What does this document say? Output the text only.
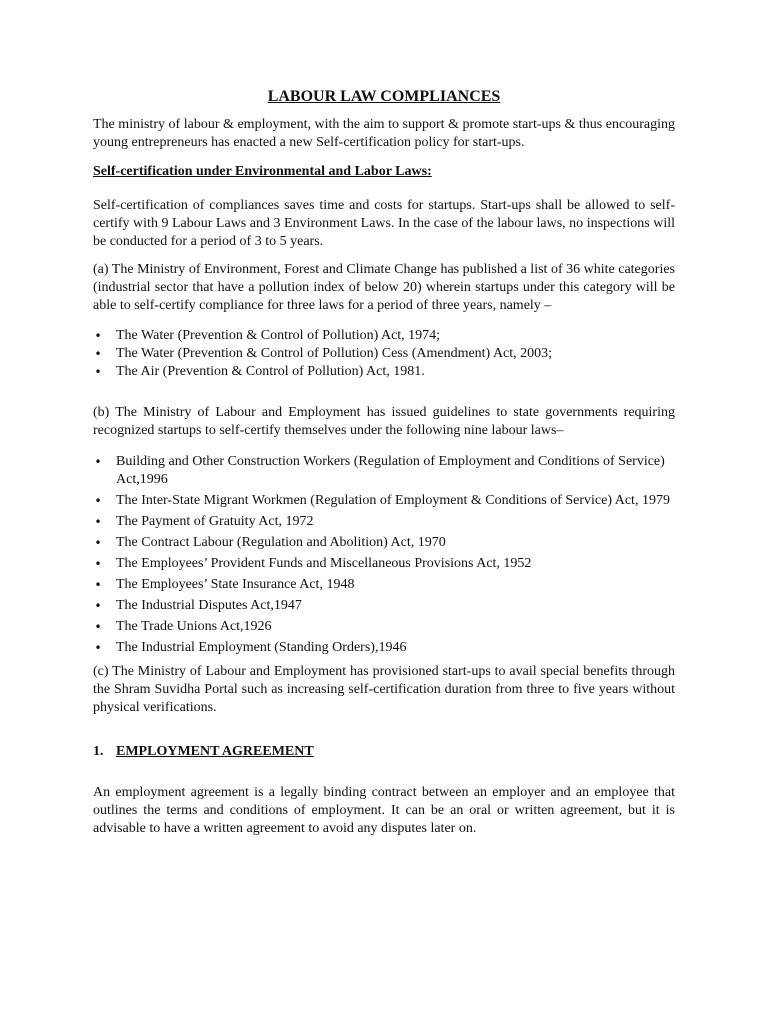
LABOUR LAW COMPLIANCES

The ministry of labour & employment, with the aim to support & promote start-ups & thus encouraging young entrepreneurs has enacted a new Self-certification policy for start-ups.

Self-certification under Environmental and Labor Laws:

Self-certification of compliances saves time and costs for startups. Start-ups shall be allowed to self-certify with 9 Labour Laws and 3 Environment Laws. In the case of the labour laws, no inspections will be conducted for a period of 3 to 5 years.

(a) The Ministry of Environment, Forest and Climate Change has published a list of 36 white categories (industrial sector that have a pollution index of below 20) wherein startups under this category will be able to self-certify compliance for three laws for a period of three years, namely –

•
The Water (Prevention & Control of Pollution) Act, 1974;
•
The Water (Prevention & Control of Pollution) Cess (Amendment) Act, 2003;
•
The Air (Prevention & Control of Pollution) Act, 1981.

(b) The Ministry of Labour and Employment has issued guidelines to state governments requiring recognized startups to self-certify themselves under the following nine labour laws–

•
Building and Other Construction Workers (Regulation of Employment and Conditions of Service) Act,1996
•
The Inter-State Migrant Workmen (Regulation of Employment & Conditions of Service) Act, 1979
•
The Payment of Gratuity Act, 1972
•
The Contract Labour (Regulation and Abolition) Act, 1970
•
The Employees’ Provident Funds and Miscellaneous Provisions Act, 1952
•
The Employees’ State Insurance Act, 1948
•
The Industrial Disputes Act,1947
•
The Trade Unions Act,1926
•
The Industrial Employment (Standing Orders),1946

(c) The Ministry of Labour and Employment has provisioned start-ups to avail special benefits through the Shram Suvidha Portal such as increasing self-certification duration from three to five years without physical verifications.

1. EMPLOYMENT AGREEMENT

An employment agreement is a legally binding contract between an employer and an employee that outlines the terms and conditions of employment. It can be an oral or written agreement, but it is advisable to have a written agreement to avoid any disputes later on.
